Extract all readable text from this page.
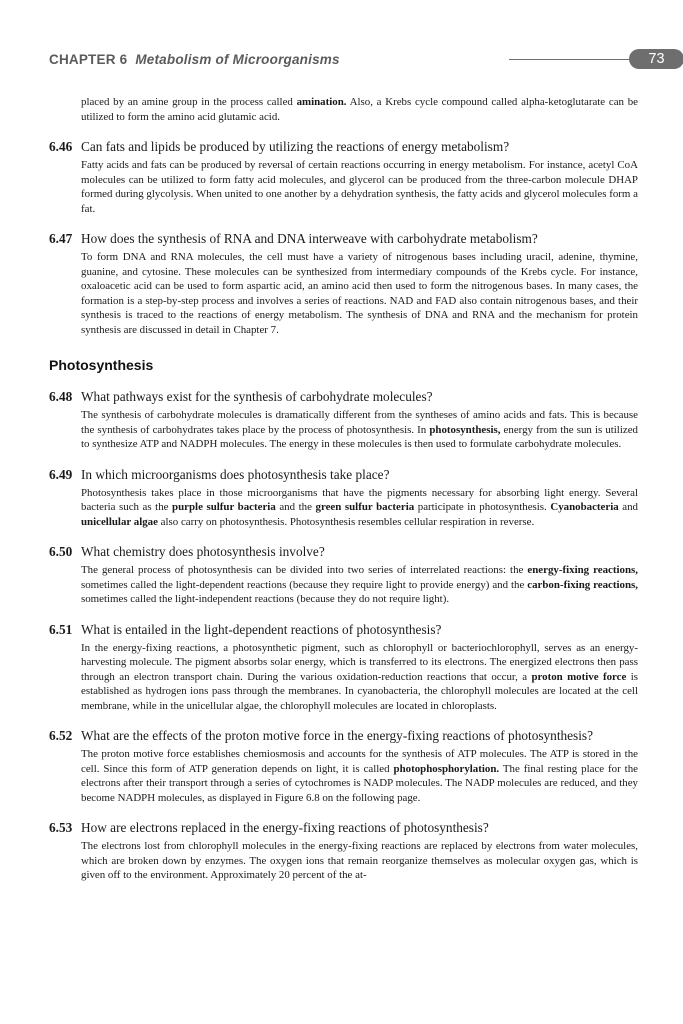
CHAPTER 6 Metabolism of Microorganisms	73

placed by an amine group in the process called amination. Also, a Krebs cycle compound called alpha-ketoglutarate can be utilized to form the amino acid glutamic acid.

6.46 Can fats and lipids be produced by utilizing the reactions of energy metabolism?

Fatty acids and fats can be produced by reversal of certain reactions occurring in energy metabolism. For instance, acetyl CoA molecules can be utilized to form fatty acid molecules, and glycerol can be produced from the three-carbon molecule DHAP formed during glycolysis. When united to one another by a dehydration synthesis, the fatty acids and glycerol molecules form a fat.

6.47 How does the synthesis of RNA and DNA interweave with carbohydrate metabolism?

To form DNA and RNA molecules, the cell must have a variety of nitrogenous bases including uracil, adenine, thymine, guanine, and cytosine. These molecules can be synthesized from intermediary compounds of the Krebs cycle. For instance, oxaloacetic acid can be used to form aspartic acid, an amino acid then used to form the nitrogenous bases. In many cases, the formation is a step-by-step process and involves a series of reactions. NAD and FAD also contain nitrogenous bases, and their synthesis is traced to the reactions of energy metabolism. The synthesis of DNA and RNA and the mechanism for protein synthesis are discussed in detail in Chapter 7.

Photosynthesis
6.48 What pathways exist for the synthesis of carbohydrate molecules?

The synthesis of carbohydrate molecules is dramatically different from the syntheses of amino acids and fats. This is because the synthesis of carbohydrates takes place by the process of photosynthesis. In photosynthesis, energy from the sun is utilized to synthesize ATP and NADPH molecules. The energy in these molecules is then used to formulate carbohydrate molecules.

6.49 In which microorganisms does photosynthesis take place?

Photosynthesis takes place in those microorganisms that have the pigments necessary for absorbing light energy. Several bacteria such as the purple sulfur bacteria and the green sulfur bacteria participate in photosynthesis. Cyanobacteria and unicellular algae also carry on photosynthesis. Photosynthesis resembles cellular respiration in reverse.

6.50 What chemistry does photosynthesis involve?

The general process of photosynthesis can be divided into two series of interrelated reactions: the energy-fixing reactions, sometimes called the light-dependent reactions (because they require light to provide energy) and the carbon-fixing reactions, sometimes called the light-independent reactions (because they do not require light).

6.51 What is entailed in the light-dependent reactions of photosynthesis?

In the energy-fixing reactions, a photosynthetic pigment, such as chlorophyll or bacteriochlorophyll, serves as an energy-harvesting molecule. The pigment absorbs solar energy, which is transferred to its electrons. The energized electrons then pass through an electron transport chain. During the various oxidation-reduction reactions that occur, a proton motive force is established as hydrogen ions pass through the membranes. In cyanobacteria, the chlorophyll molecules are located at the cell membrane, while in the unicellular algae, the chlorophyll molecules are located in chloroplasts.

6.52 What are the effects of the proton motive force in the energy-fixing reactions of photosynthesis?

The proton motive force establishes chemiosmosis and accounts for the synthesis of ATP molecules. The ATP is stored in the cell. Since this form of ATP generation depends on light, it is called photophosphorylation. The final resting place for the electrons after their transport through a series of cytochromes is NADP molecules. The NADP molecules are reduced, and they become NADPH molecules, as displayed in Figure 6.8 on the following page.

6.53 How are electrons replaced in the energy-fixing reactions of photosynthesis?

The electrons lost from chlorophyll molecules in the energy-fixing reactions are replaced by electrons from water molecules, which are broken down by enzymes. The oxygen ions that remain reorganize themselves as molecular oxygen gas, which is given off to the environment. Approximately 20 percent of the at-
